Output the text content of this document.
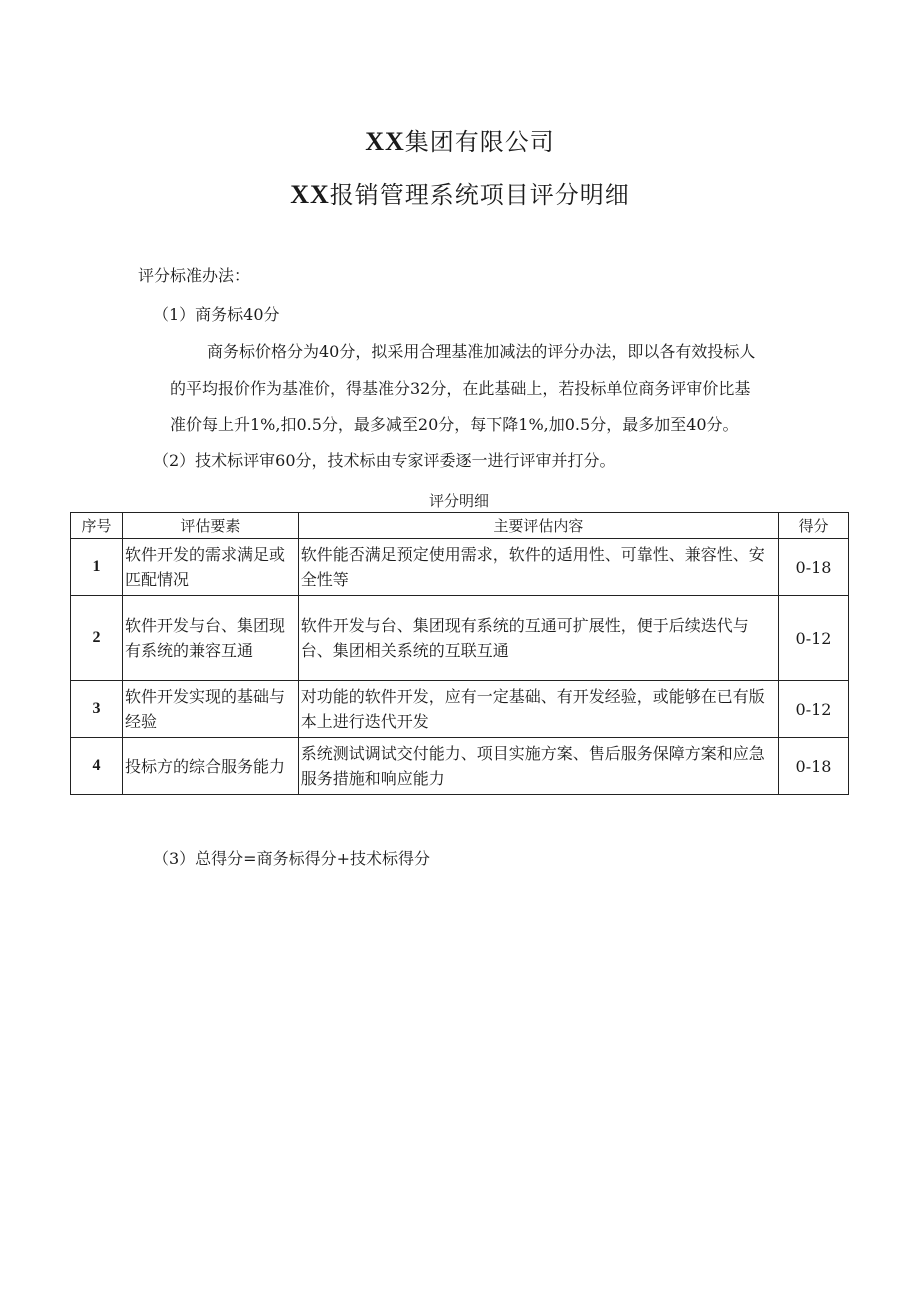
XX集团有限公司
XX报销管理系统项目评分明细

评分标准办法：

（1）商务标40分

商务标价格分为40分，拟采用合理基准加减法的评分办法，即以各有效投标人

的平均报价作为基准价，得基准分32分，在此基础上，若投标单位商务评审价比基

准价每上升1%,扣0.5分，最多减至20分，每下降1%,加0.5分，最多加至40分。

（2）技术标评审60分，技术标由专家评委逐一进行评审并打分。

评分明细

序号	评估要素	主要评估内容	得分
1	软件开发的需求满足或匹配情况	软件能否满足预定使用需求，软件的适用性、可靠性、兼容性、安全性等	0-18
2	软件开发与台、集团现有系统的兼容互通	软件开发与台、集团现有系统的互通可扩展性，便于后续迭代与台、集团相关系统的互联互通	0-12
3	软件开发实现的基础与经验	对功能的软件开发，应有一定基础、有开发经验，或能够在已有版本上进行迭代开发	0-12
4	投标方的综合服务能力	系统测试调试交付能力、项目实施方案、售后服务保障方案和应急服务措施和响应能力	0-18

（3）总得分=商务标得分+技术标得分
